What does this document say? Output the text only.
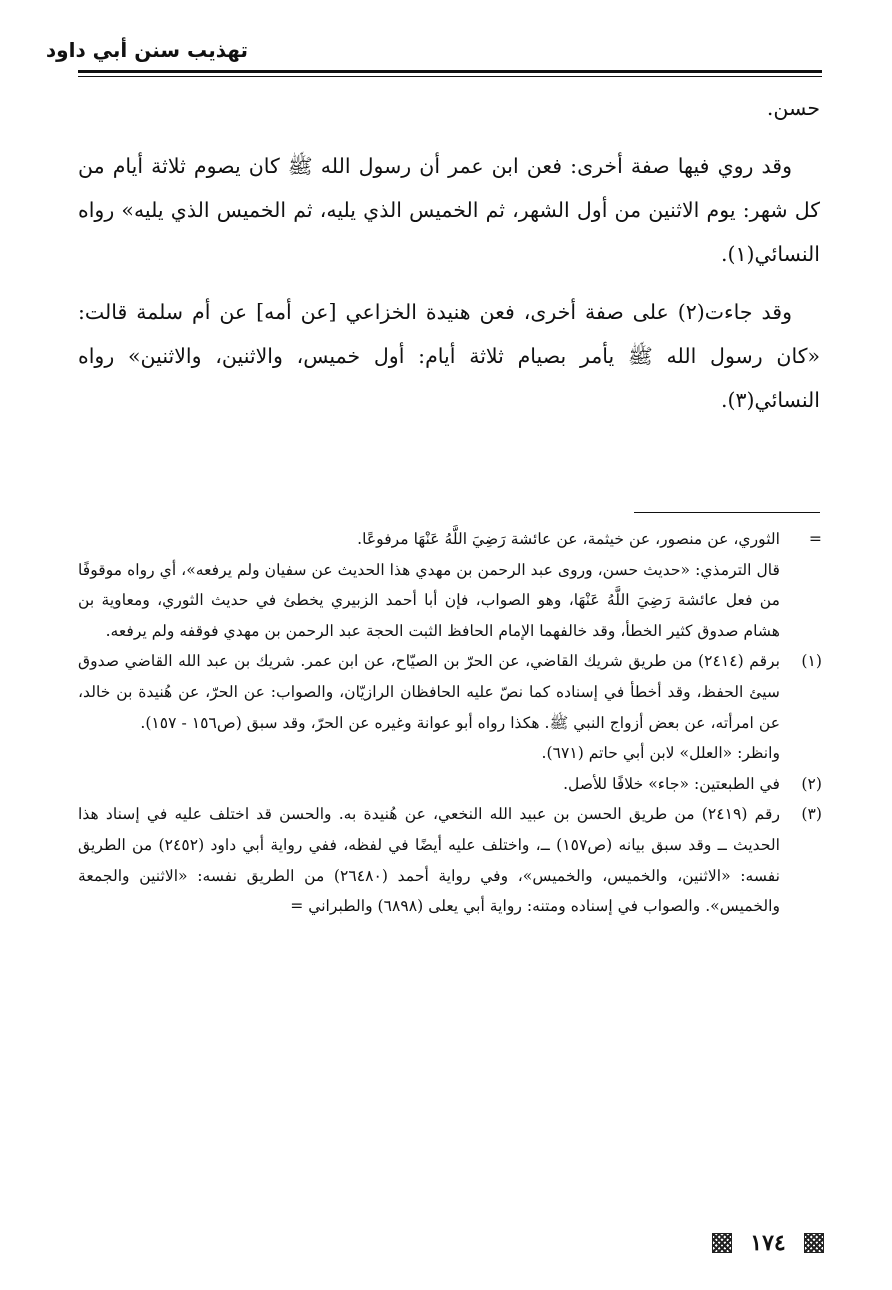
تهذيب سنن أبي داود

حسن.

وقد روي فيها صفة أخرى: فعن ابن عمر أن رسول الله ﷺ كان يصوم ثلاثة أيام من كل شهر: يوم الاثنين من أول الشهر، ثم الخميس الذي يليه، ثم الخميس الذي يليه» رواه النسائي(١).

وقد جاءت(٢) على صفة أخرى، فعن هنيدة الخزاعي [عن أمه] عن أم سلمة قالت: «كان رسول الله ﷺ يأمر بصيام ثلاثة أيام: أول خميس، والاثنين، والاثنين» رواه النسائي(٣).

=
الثوري، عن منصور، عن خيثمة، عن عائشة رَضِيَ اللَّهُ عَنْهَا مرفوعًا.
قال الترمذي: «حديث حسن، وروى عبد الرحمن بن مهدي هذا الحديث عن سفيان ولم يرفعه»، أي رواه موقوفًا من فعل عائشة رَضِيَ اللَّهُ عَنْهَا، وهو الصواب، فإن أبا أحمد الزبيري يخطئ في حديث الثوري، ومعاوية بن هشام صدوق كثير الخطأ، وقد خالفهما الإمام الحافظ الثبت الحجة عبد الرحمن بن مهدي فوقفه ولم يرفعه.
(١)
برقم (٢٤١٤) من طريق شريك القاضي، عن الحرّ بن الصيّاح، عن ابن عمر. شريك بن عبد الله القاضي صدوق سيئ الحفظ، وقد أخطأ في إسناده كما نصّ عليه الحافظان الرازيّان، والصواب: عن الحرّ، عن هُنيدة بن خالد، عن امرأته، عن بعض أزواج النبي ﷺ. هكذا رواه أبو عوانة وغيره عن الحرّ، وقد سبق (ص١٥٦ - ١٥٧).
وانظر: «العلل» لابن أبي حاتم (٦٧١).
(٢)
في الطبعتين: «جاء» خلافًا للأصل.
(٣)
رقم (٢٤١٩) من طريق الحسن بن عبيد الله النخعي، عن هُنيدة به. والحسن قد اختلف عليه في إسناد هذا الحديث ــ وقد سبق بيانه (ص١٥٧) ــ، واختلف عليه أيضًا في لفظه، ففي رواية أبي داود (٢٤٥٢) من الطريق نفسه: «الاثنين، والخميس، والخميس»، وفي رواية أحمد (٢٦٤٨٠) من الطريق نفسه: «الاثنين والجمعة والخميس». والصواب في إسناده ومتنه: رواية أبي يعلى (٦٨٩٨) والطبراني =
١٧٤
